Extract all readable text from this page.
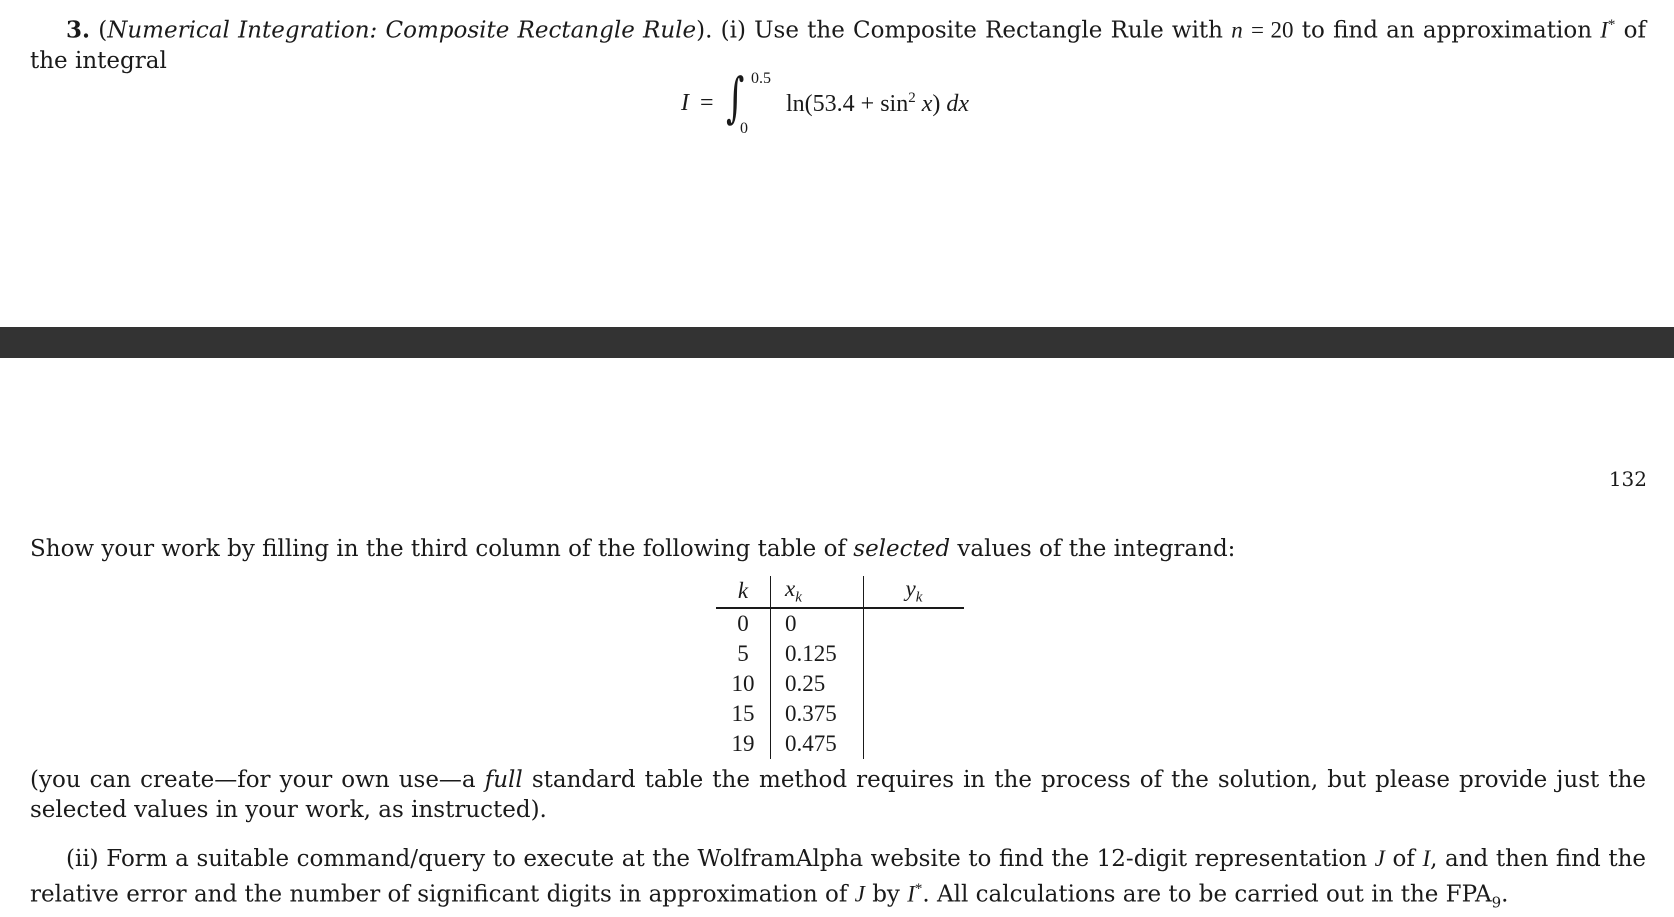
3. (Numerical Integration: Composite Rectangle Rule). (i) Use the Composite Rectangle Rule with n = 20 to find an approximation I* of the integral
I = ∫ 0.5
0
$\ln(53.4 + \sin^2 x)$ dx
132
Show your work by filling in the third column of the following table of selected values of the integrand:
k	$x_k$	$y_k$
0	0	
5	0.125	
10	0.25	
15	0.375	
19	0.475	
(you can create—for your own use—a full standard table the method requires in the process of the solution, but please provide just the selected values in your work, as instructed).
(ii) Form a suitable command/query to execute at the WolframAlpha website to find the 12-digit representation J of I, and then find the relative error and the number of significant digits in approximation of J by I*. All calculations are to be carried out in the $FPA_9$.
